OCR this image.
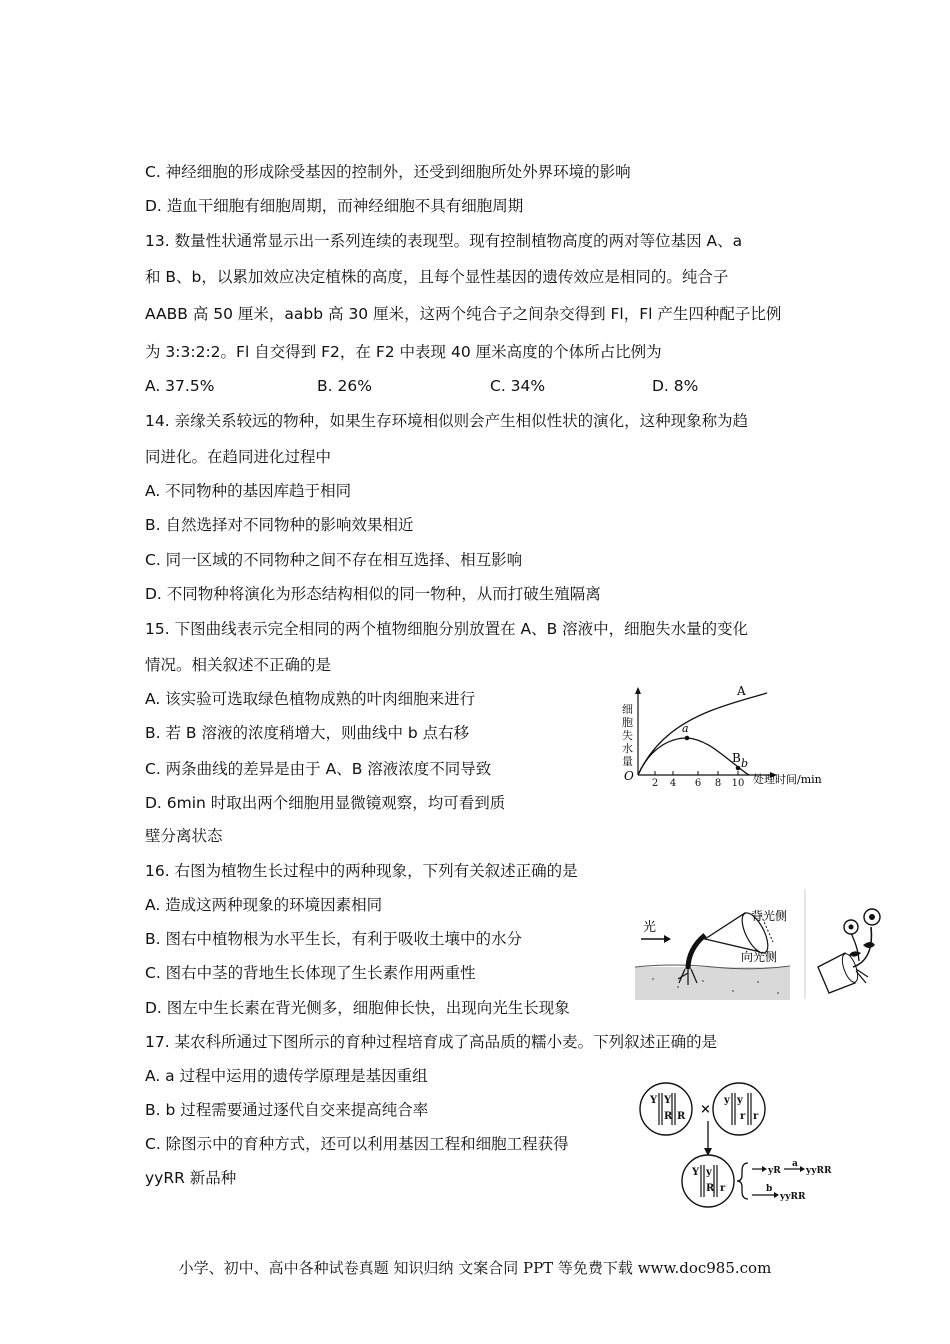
C. 神经细胞的形成除受基因的控制外，还受到细胞所处外界环境的影响
D. 造血干细胞有细胞周期，而神经细胞不具有细胞周期
13. 数量性状通常显示出一系列连续的表现型。现有控制植物高度的两对等位基因 A、a
和 B、b，以累加效应决定植株的高度，且每个显性基因的遗传效应是相同的。纯合子
AABB 高 50 厘米，aabb 高 30 厘米，这两个纯合子之间杂交得到 Fl，Fl 产生四种配子比例
为 3:3:2:2。Fl 自交得到 F2，在 F2 中表现 40 厘米高度的个体所占比例为
A. 37.5%	B. 26%	C. 34%	D. 8%
14. 亲缘关系较远的物种，如果生存环境相似则会产生相似性状的演化，这种现象称为趋
同进化。在趋同进化过程中
A. 不同物种的基因库趋于相同
B. 自然选择对不同物种的影响效果相近
C. 同一区域的不同物种之间不存在相互选择、相互影响
D. 不同物种将演化为形态结构相似的同一物种，从而打破生殖隔离
15. 下图曲线表示完全相同的两个植物细胞分别放置在 A、B 溶液中，细胞失水量的变化
情况。相关叙述不正确的是
A. 该实验可选取绿色植物成熟的叶肉细胞来进行
B. 若 B 溶液的浓度稍增大，则曲线中 b 点右移
C. 两条曲线的差异是由于 A、B 溶液浓度不同导致
D. 6min 时取出两个细胞用显微镜观察，均可看到质
壁分离状态
细
胞
失
水
量
O
2 4 6 8 10 处理时间/min
A
a
B b
16. 右图为植物生长过程中的两种现象，下列有关叙述正确的是
A. 造成这两种现象的环境因素相同
B. 图右中植物根为水平生长，有利于吸收土壤中的水分
C. 图右中茎的背地生长体现了生长素作用两重性
D. 图左中生长素在背光侧多，细胞伸长快，出现向光生长现象
光
背光侧
向光侧
17. 某农科所通过下图所示的育种过程培育成了高品质的糯小麦。下列叙述正确的是
A. a 过程中运用的遗传学原理是基因重组
B. b 过程需要通过逐代自交来提高纯合率
C. 除图示中的育种方式，还可以利用基因工程和细胞工程获得
yyRR 新品种
Y Y
R R ×
y y
r r
Y y
R r
yR
a
yyRR
b
yyRR
小学、初中、高中各种试卷真题 知识归纳 文案合同 PPT 等免费下载 www.doc985.com
